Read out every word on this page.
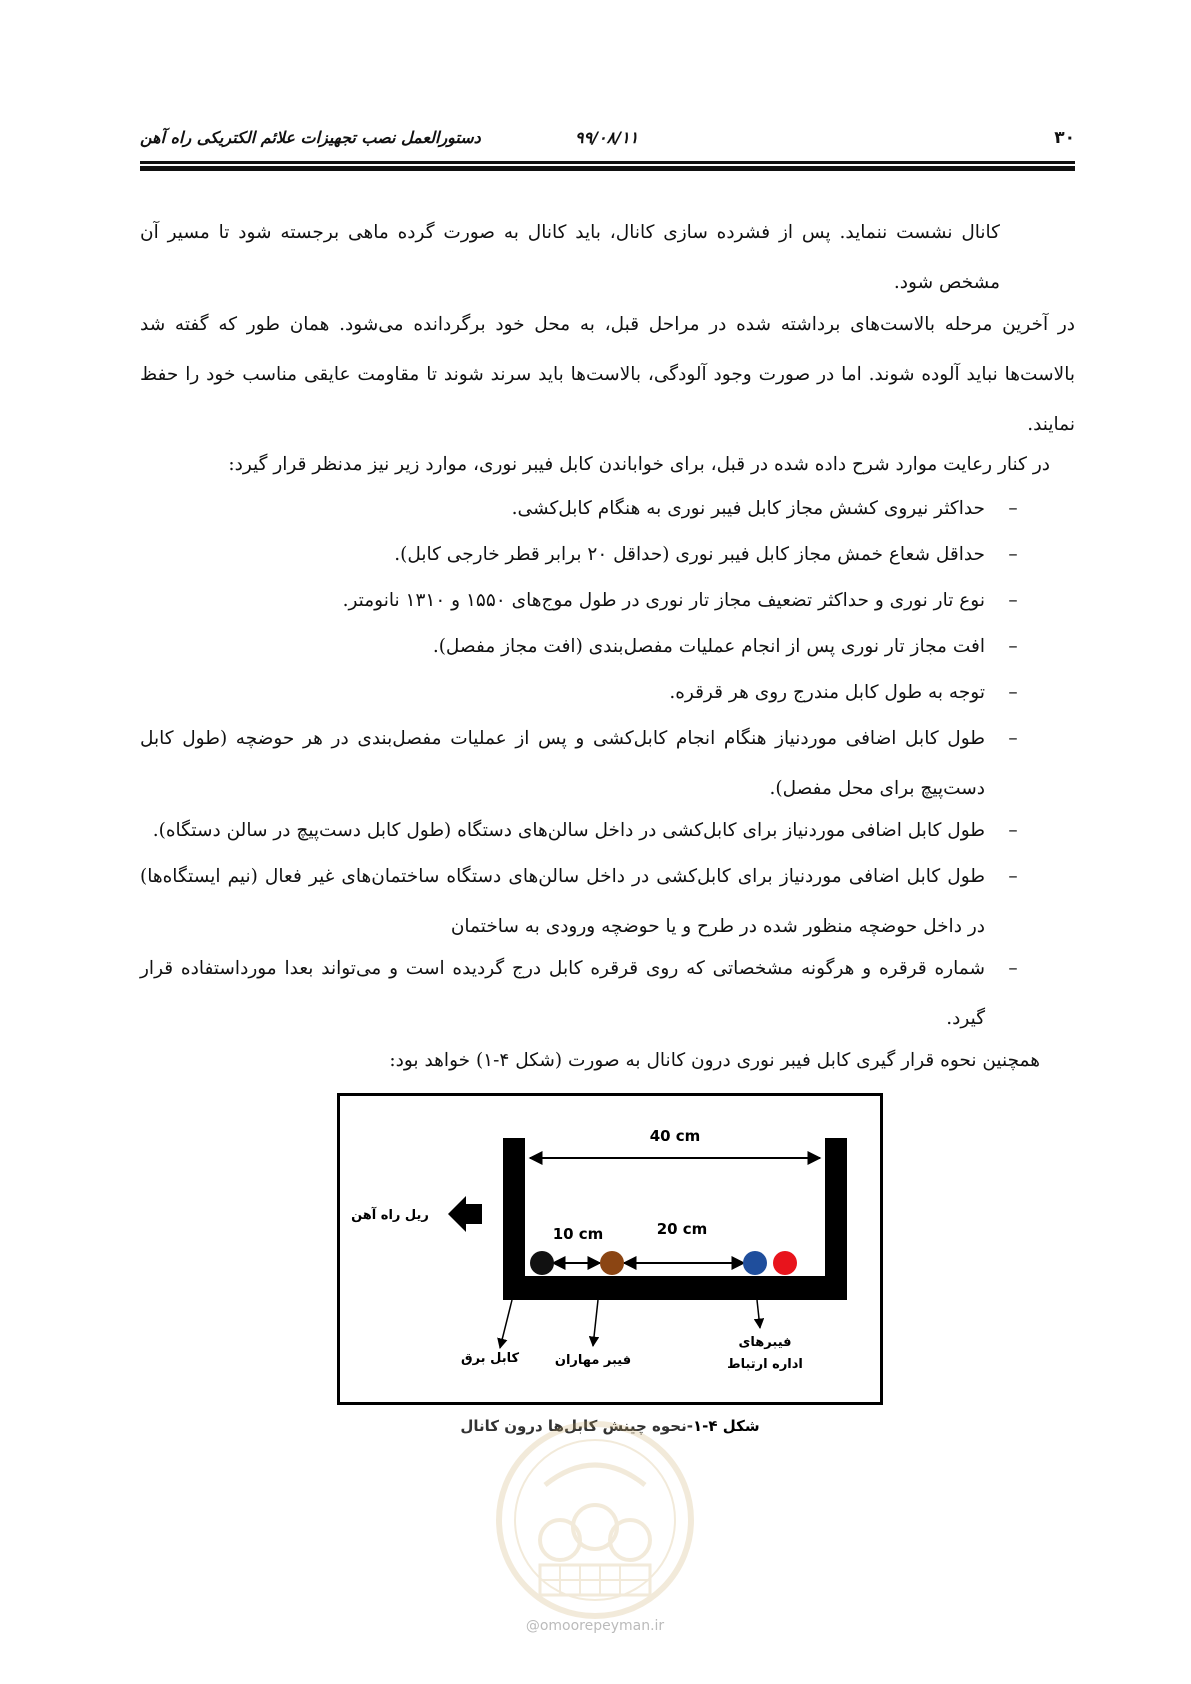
۳۰
۹۹/۰۸/۱۱
دستورالعمل نصب تجهیزات علائم الکتریکی راه آهن
کانال نشست ننماید. پس از فشرده سازی کانال، باید کانال به صورت گرده ماهی برجسته شود تا مسیر آن مشخص شود.
در آخرین مرحله بالاست‌های برداشته شده در مراحل قبل، به محل خود برگردانده می‌شود. همان طور که گفته شد بالاست‌ها نباید آلوده شوند. اما در صورت وجود آلودگی، بالاست‌ها باید سرند شوند تا مقاومت عایقی مناسب خود را حفظ نمایند.
در کنار رعایت موارد شرح داده شده در قبل، برای خواباندن کابل فیبر نوری، موارد زیر نیز مدنظر قرار گیرد:
–
حداکثر نیروی کشش مجاز کابل فیبر نوری به هنگام کابل‌کشی.
–
حداقل شعاع خمش مجاز کابل فیبر نوری (حداقل ۲۰ برابر قطر خارجی کابل).
–
نوع تار نوری و حداکثر تضعیف مجاز تار نوری در طول موج‌های ۱۵۵۰ و ۱۳۱۰ نانومتر.
–
افت مجاز تار نوری پس از انجام عملیات مفصل‌بندی (افت مجاز مفصل).
–
توجه به طول کابل مندرج روی هر قرقره.
–
طول کابل اضافی موردنیاز هنگام انجام کابل‌کشی و پس از عملیات مفصل‌بندی در هر حوضچه (طول کابل دست‌پیچ برای محل مفصل).
–
طول کابل اضافی موردنیاز برای کابل‌کشی در داخل سالن‌های دستگاه (طول کابل دست‌پیچ در سالن دستگاه).
–
طول کابل اضافی موردنیاز برای کابل‌کشی در داخل سالن‌های دستگاه ساختمان‌های غیر فعال (نیم ایستگاه‌ها) در داخل حوضچه منظور شده در طرح و یا حوضچه ورودی به ساختمان
–
شماره قرقره و هرگونه مشخصاتی که روی قرقره کابل درج گردیده است و می‌تواند بعدا مورداستفاده قرار گیرد.
همچنین نحوه قرار گیری کابل فیبر نوری درون کانال به صورت (شکل ۴-۱) خواهد بود:
40 cm
10 cm	20 cm
ریل راه آهن
کابل برق	فیبر مهاران
فیبرهای
اداره ارتباط
شکل ۴-۱-نحوه چینش کابل‌ها درون کانال
@omoorepeyman.ir
